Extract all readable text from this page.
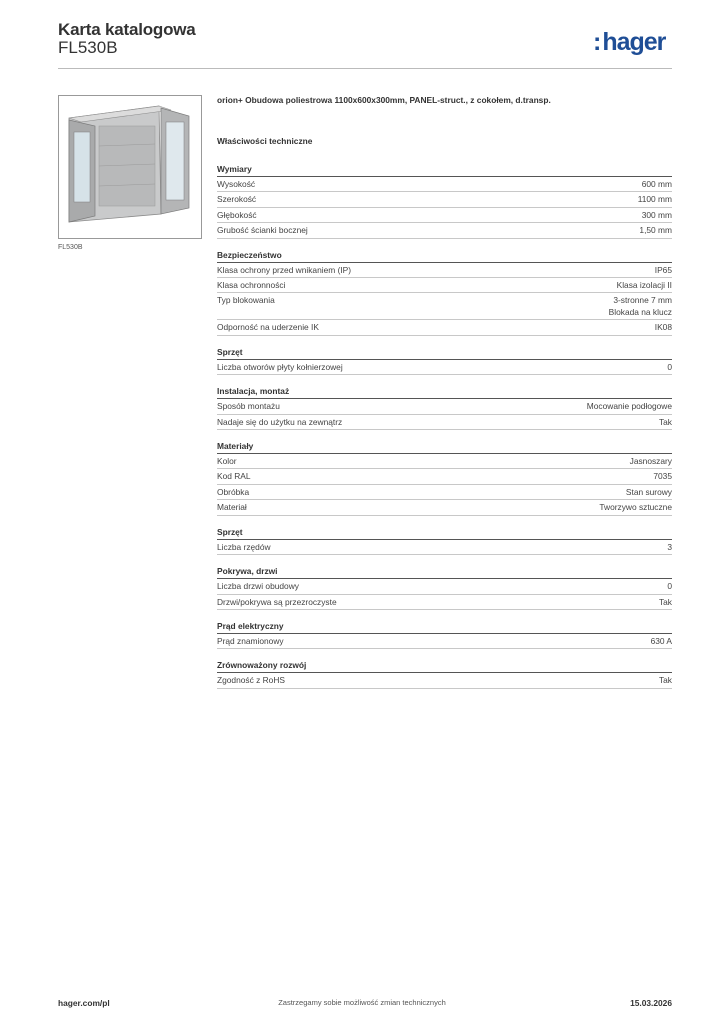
Karta katalogowa
FL530B	:hager
FL530B
orion+ Obudowa poliestrowa 1100x600x300mm, PANEL-struct., z cokołem, d.transp.
Właściwości techniczne
Wymiary
Wysokość	600 mm
Szerokość	1100 mm
Głębokość	300 mm
Grubość ścianki bocznej	1,50 mm
Bezpieczeństwo
Klasa ochrony przed wnikaniem (IP)	IP65
Klasa ochronności	Klasa izolacji II
Typ blokowania	3-stronne 7 mm
Blokada na klucz
Odporność na uderzenie IK	IK08
Sprzęt
Liczba otworów płyty kołnierzowej	0
Instalacja, montaż
Sposób montażu	Mocowanie podłogowe
Nadaje się do użytku na zewnątrz	Tak
Materiały
Kolor	Jasnoszary
Kod RAL	7035
Obróbka	Stan surowy
Materiał	Tworzywo sztuczne
Sprzęt
Liczba rzędów	3
Pokrywa, drzwi
Liczba drzwi obudowy	0
Drzwi/pokrywa są przezroczyste	Tak
Prąd elektryczny
Prąd znamionowy	630 A
Zrównoważony rozwój
Zgodność z RoHS	Tak
hager.com/pl	Zastrzegamy sobie możliwość zmian technicznych	15.03.2026
